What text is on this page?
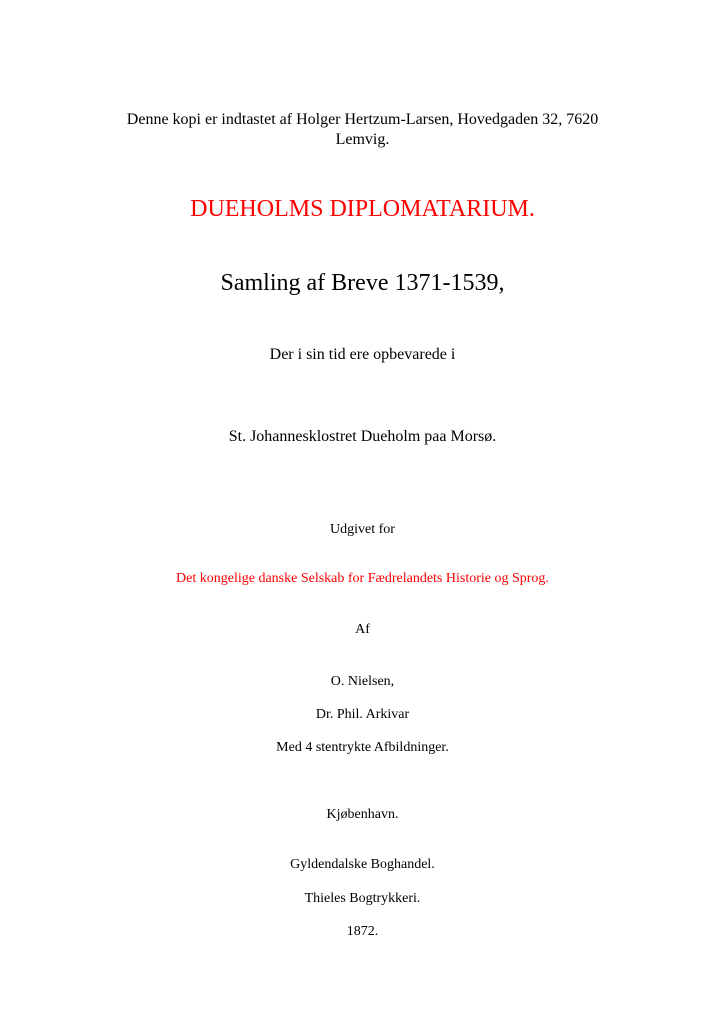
Denne kopi er indtastet af Holger Hertzum-Larsen, Hovedgaden 32, 7620 Lemvig.
DUEHOLMS DIPLOMATARIUM.
Samling af Breve 1371-1539,
Der i sin tid ere opbevarede i
St. Johannesklostret Dueholm paa Morsø.
Udgivet for
Det kongelige danske Selskab for Fædrelandets Historie og Sprog.
Af
O. Nielsen,
Dr. Phil. Arkivar
Med 4 stentrykte Afbildninger.
Kjøbenhavn.
Gyldendalske Boghandel.
Thieles Bogtrykkeri.
1872.
